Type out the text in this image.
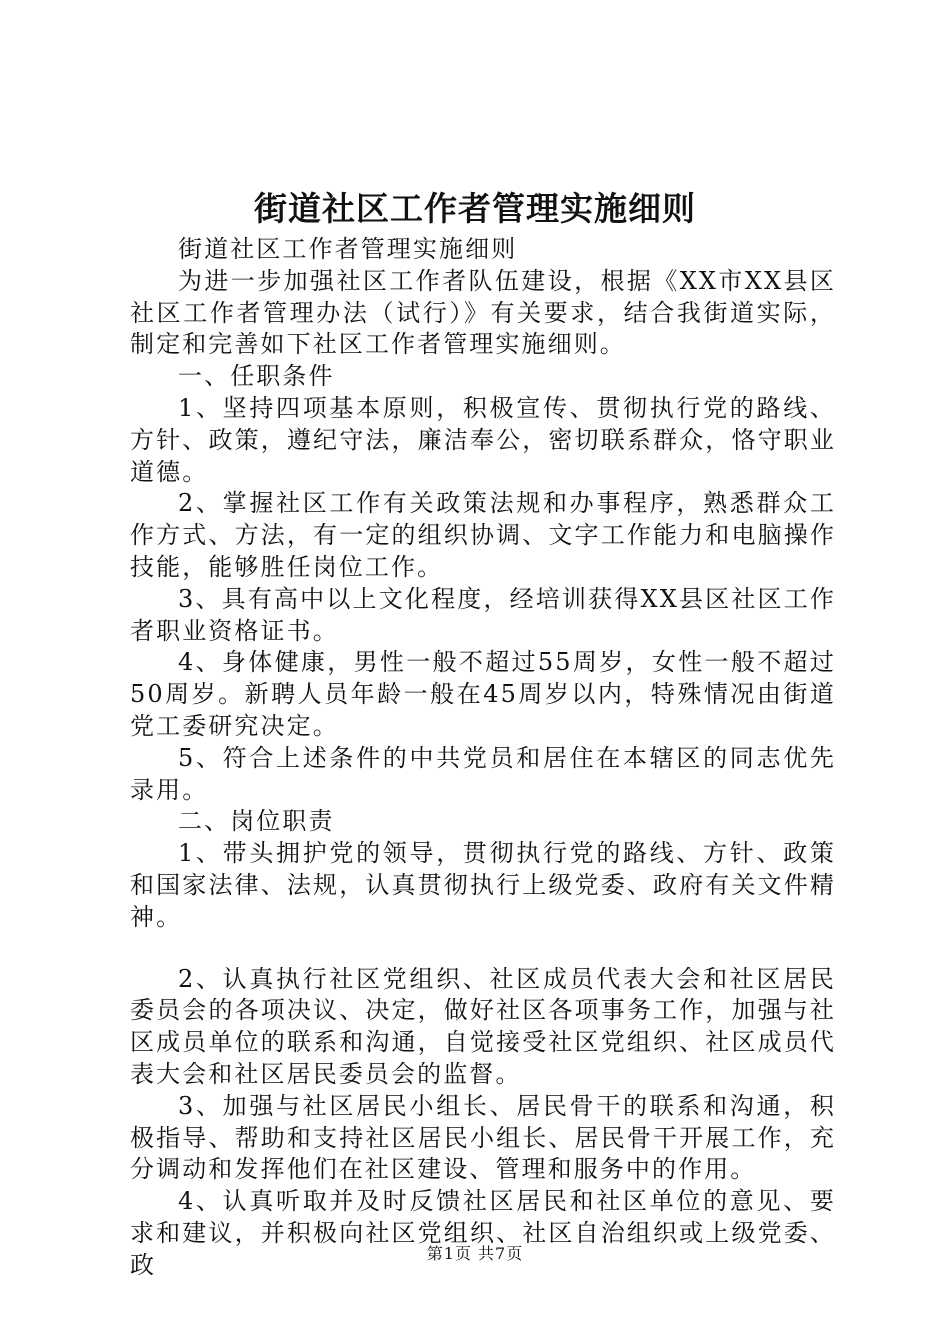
街道社区工作者管理实施细则

街道社区工作者管理实施细则

为进一步加强社区工作者队伍建设，根据《XX市XX县区社区工作者管理办法（试行）》有关要求，结合我街道实际，制定和完善如下社区工作者管理实施细则。

一、任职条件

1、坚持四项基本原则，积极宣传、贯彻执行党的路线、方针、政策，遵纪守法，廉洁奉公，密切联系群众，恪守职业道德。

2、掌握社区工作有关政策法规和办事程序，熟悉群众工作方式、方法，有一定的组织协调、文字工作能力和电脑操作技能，能够胜任岗位工作。

3、具有高中以上文化程度，经培训获得XX县区社区工作者职业资格证书。

4、身体健康，男性一般不超过55周岁，女性一般不超过50周岁。新聘人员年龄一般在45周岁以内，特殊情况由街道党工委研究决定。

5、符合上述条件的中共党员和居住在本辖区的同志优先录用。

二、岗位职责

1、带头拥护党的领导，贯彻执行党的路线、方针、政策和国家法律、法规，认真贯彻执行上级党委、政府有关文件精神。

2、认真执行社区党组织、社区成员代表大会和社区居民委员会的各项决议、决定，做好社区各项事务工作，加强与社区成员单位的联系和沟通，自觉接受社区党组织、社区成员代表大会和社区居民委员会的监督。

3、加强与社区居民小组长、居民骨干的联系和沟通，积极指导、帮助和支持社区居民小组长、居民骨干开展工作，充分调动和发挥他们在社区建设、管理和服务中的作用。

4、认真听取并及时反馈社区居民和社区单位的意见、要求和建议，并积极向社区党组织、社区自治组织或上级党委、政	第1页 共7页
